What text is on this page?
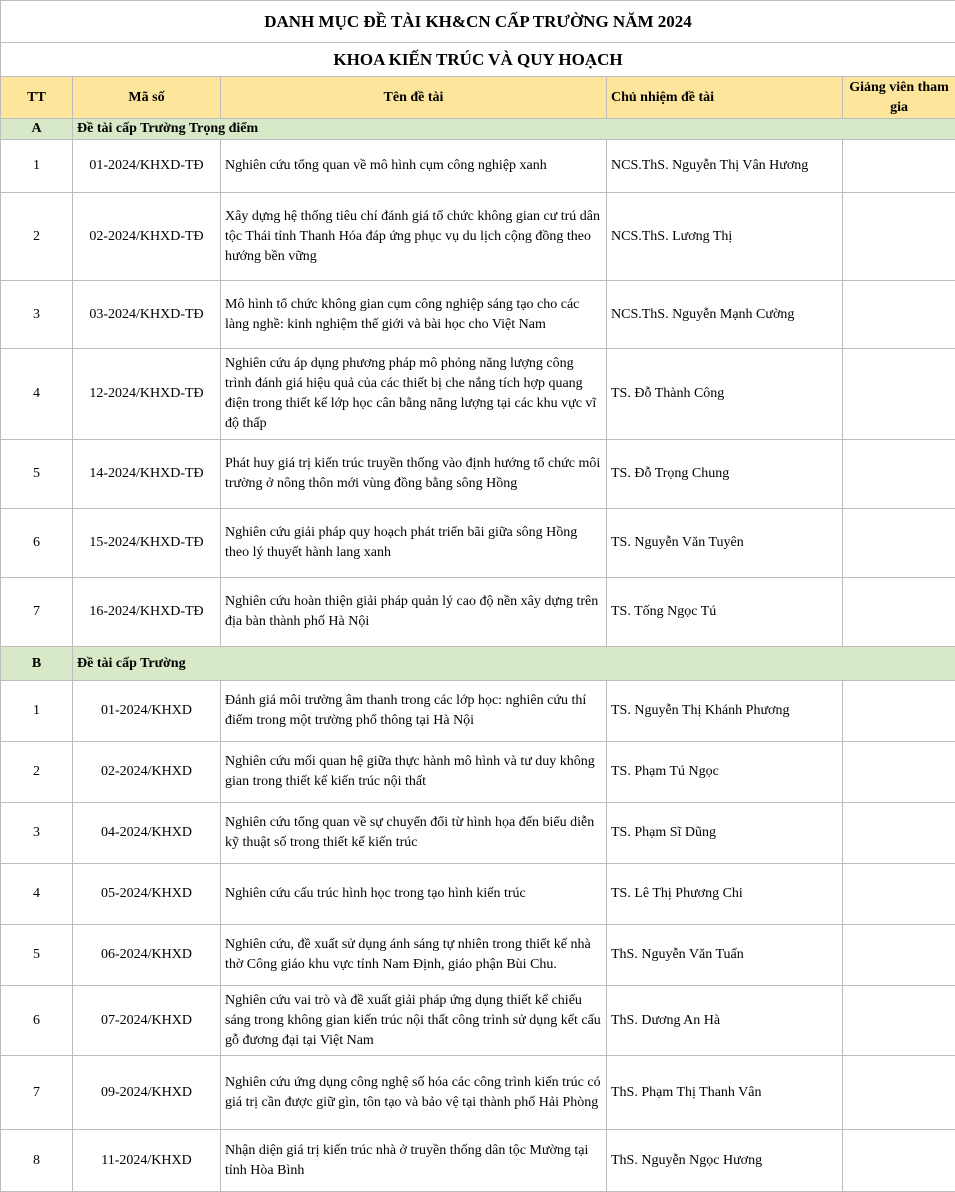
DANH MỤC ĐỀ TÀI KH&CN CẤP TRƯỜNG NĂM 2024				
KHOA KIẾN TRÚC VÀ QUY HOẠCH				
TT	Mã số	Tên đề tài	Chủ nhiệm đề tài	Giảng viên tham gia
A	Đề tài cấp Trường Trọng điểm			
1	01-2024/KHXD-TĐ	Nghiên cứu tổng quan về mô hình cụm công nghiệp xanh	NCS.ThS. Nguyễn Thị Vân Hương	
2	02-2024/KHXD-TĐ	Xây dựng hệ thống tiêu chí đánh giá tổ chức không gian cư trú dân tộc Thái tỉnh Thanh Hóa đáp ứng phục vụ du lịch cộng đồng theo hướng bền vững	NCS.ThS. Lương Thị	
3	03-2024/KHXD-TĐ	Mô hình tổ chức không gian cụm công nghiệp sáng tạo cho các làng nghề: kinh nghiệm thế giới và bài học cho Việt Nam	NCS.ThS. Nguyễn Mạnh Cường	
4	12-2024/KHXD-TĐ	Nghiên cứu áp dụng phương pháp mô phỏng năng lượng công trình đánh giá hiệu quả của các thiết bị che nắng tích hợp quang điện trong thiết kế lớp học cân bằng năng lượng tại các khu vực vĩ độ thấp	TS. Đỗ Thành Công	
5	14-2024/KHXD-TĐ	Phát huy giá trị kiến trúc truyền thống vào định hướng tổ chức môi trường ở nông thôn mới vùng đồng bằng sông Hồng	TS. Đỗ Trọng Chung	
6	15-2024/KHXD-TĐ	Nghiên cứu giải pháp quy hoạch phát triển bãi giữa sông Hồng theo lý thuyết hành lang xanh	TS. Nguyễn Văn Tuyên	
7	16-2024/KHXD-TĐ	Nghiên cứu hoàn thiện giải pháp quản lý cao độ nền xây dựng trên địa bàn thành phố Hà Nội	TS. Tống Ngọc Tú	
B	Đề tài cấp Trường			
1	01-2024/KHXD	Đánh giá môi trường âm thanh trong các lớp học: nghiên cứu thí điểm trong một trường phổ thông tại Hà Nội	TS. Nguyễn Thị Khánh Phương	
2	02-2024/KHXD	Nghiên cứu mối quan hệ giữa thực hành mô hình và tư duy không gian trong thiết kế kiến trúc nội thất	TS. Phạm Tú Ngọc	
3	04-2024/KHXD	Nghiên cứu tổng quan về sự chuyển đổi từ hình họa đến biểu diễn kỹ thuật số trong thiết kế kiến trúc	TS. Phạm Sĩ Dũng	
4	05-2024/KHXD	Nghiên cứu cấu trúc hình học trong tạo hình kiến trúc	TS. Lê Thị Phương Chi	
5	06-2024/KHXD	Nghiên cứu, đề xuất sử dụng ánh sáng tự nhiên trong thiết kế nhà thờ Công giáo khu vực tỉnh Nam Định, giáo phận Bùi Chu.	ThS. Nguyễn Văn Tuấn	
6	07-2024/KHXD	Nghiên cứu vai trò và đề xuất giải pháp ứng dụng thiết kế chiếu sáng trong không gian kiến trúc nội thất công trình sử dụng kết cấu gỗ đương đại tại Việt Nam	ThS. Dương An Hà	
7	09-2024/KHXD	Nghiên cứu ứng dụng công nghệ số hóa các công trình kiến trúc có giá trị cần được giữ gìn, tôn tạo và bảo vệ tại thành phố Hải Phòng	ThS. Phạm Thị Thanh Vân	
8	11-2024/KHXD	Nhận diện giá trị kiến trúc nhà ở truyền thống dân tộc Mường tại tỉnh Hòa Bình	ThS. Nguyễn Ngọc Hương	
